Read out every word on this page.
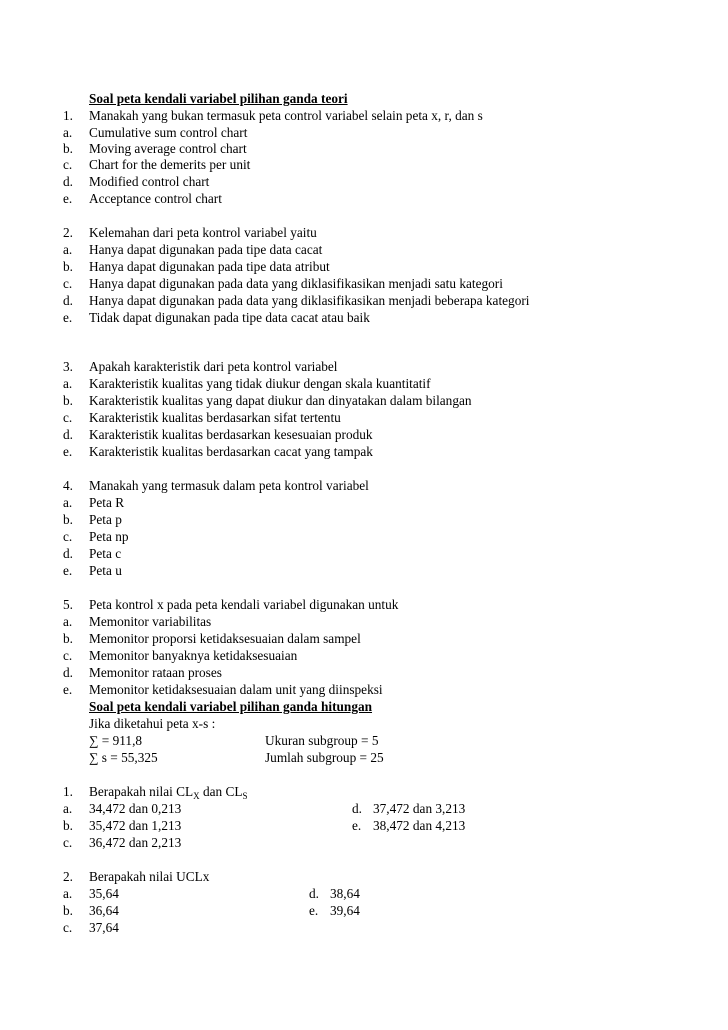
Soal peta kendali variabel pilihan ganda teori
1. Manakah yang bukan termasuk peta control variabel selain peta x, r, dan s
a. Cumulative sum control chart
b. Moving average control chart
c. Chart for the demerits per unit
d. Modified control chart
e. Acceptance control chart
2. Kelemahan dari peta kontrol variabel yaitu
a. Hanya dapat digunakan pada tipe data cacat
b. Hanya dapat digunakan pada tipe data atribut
c. Hanya dapat digunakan pada data yang diklasifikasikan menjadi satu kategori
d. Hanya dapat digunakan pada data yang diklasifikasikan menjadi beberapa kategori
e. Tidak dapat digunakan pada tipe data cacat atau baik
3. Apakah karakteristik dari peta kontrol variabel
a. Karakteristik kualitas yang tidak diukur dengan skala kuantitatif
b. Karakteristik kualitas yang dapat diukur dan dinyatakan dalam bilangan
c. Karakteristik kualitas berdasarkan sifat tertentu
d. Karakteristik kualitas berdasarkan kesesuaian produk
e. Karakteristik kualitas berdasarkan cacat yang tampak
4. Manakah yang termasuk dalam peta kontrol variabel
a. Peta R
b. Peta p
c. Peta np
d. Peta c
e. Peta u
5. Peta kontrol x pada peta kendali variabel digunakan untuk
a. Memonitor variabilitas
b. Memonitor proporsi ketidaksesuaian dalam sampel
c. Memonitor banyaknya ketidaksesuaian
d. Memonitor rataan proses
e. Memonitor ketidaksesuaian dalam unit yang diinspeksi
Soal peta kendali variabel pilihan ganda hitungan
Jika diketahui peta x-s :
∑ = 911,8	Ukuran subgroup = 5
∑ s = 55,325	Jumlah subgroup = 25
1. Berapakah nilai $CL_X$ dan $CL_S$
a. 34,472 dan 0,213	d. 37,472 dan 3,213
b. 35,472 dan 1,213	e. 38,472 dan 4,213
c. 36,472 dan 2,213
2. Berapakah nilai UCLx
a. 35,64	d. 38,64
b. 36,64	e. 39,64
c. 37,64
